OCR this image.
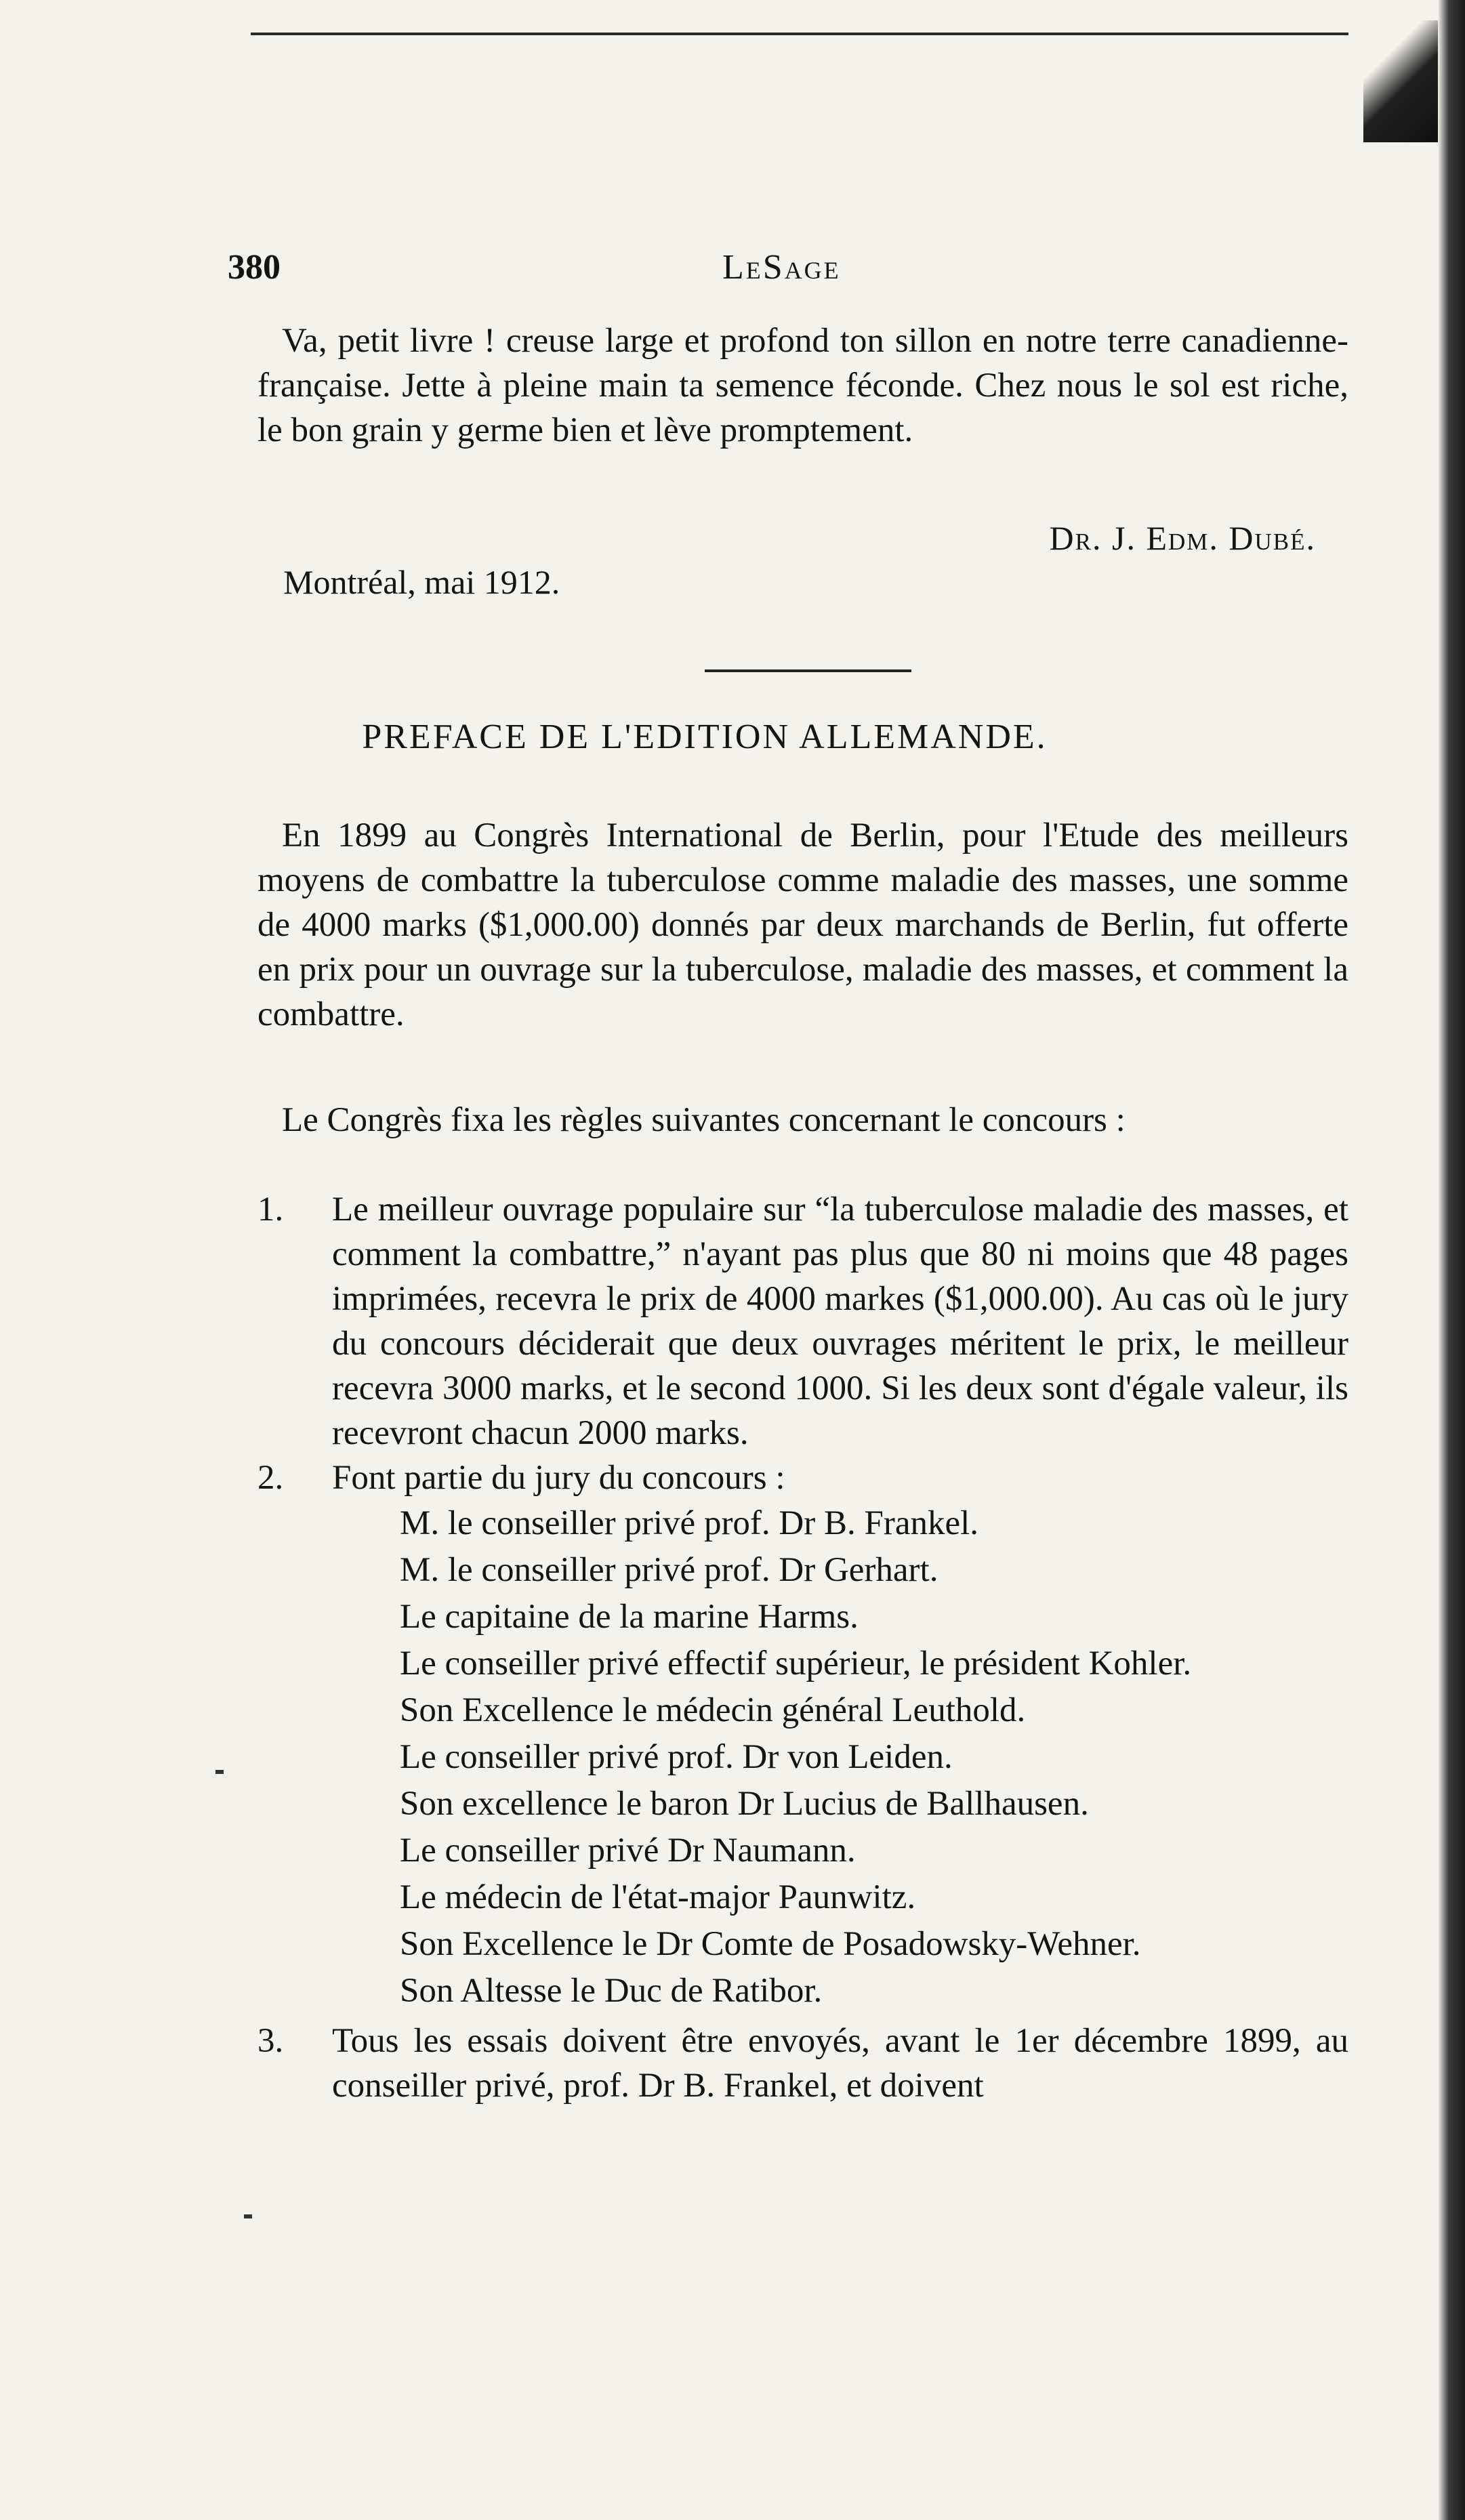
380	LeSage

Va, petit livre ! creuse large et profond ton sillon en notre terre canadienne-française. Jette à pleine main ta semence féconde. Chez nous le sol est riche, le bon grain y germe bien et lève promptement.

Dr. J. Edm. Dubé.
Montréal, mai 1912.
PREFACE DE L'EDITION ALLEMANDE.

En 1899 au Congrès International de Berlin, pour l'Etude des meilleurs moyens de combattre la tuberculose comme maladie des masses, une somme de 4000 marks ($1,000.00) donnés par deux marchands de Berlin, fut offerte en prix pour un ouvrage sur la tuberculose, maladie des masses, et comment la combattre.

Le Congrès fixa les règles suivantes concernant le concours :

1. Le meilleur ouvrage populaire sur “la tuberculose maladie des masses, et comment la combattre,” n'ayant pas plus que 80 ni moins que 48 pages imprimées, recevra le prix de 4000 markes ($1,000.00). Au cas où le jury du concours déciderait que deux ouvrages méritent le prix, le meilleur recevra 3000 marks, et le second 1000. Si les deux sont d'égale valeur, ils recevront chacun 2000 marks.
2. Font partie du jury du concours :
M. le conseiller privé prof. Dr B. Frankel.
M. le conseiller privé prof. Dr Gerhart.
Le capitaine de la marine Harms.
Le conseiller privé effectif supérieur, le président Kohler.
Son Excellence le médecin général Leuthold.
Le conseiller privé prof. Dr von Leiden.
Son excellence le baron Dr Lucius de Ballhausen.
Le conseiller privé Dr Naumann.
Le médecin de l'état-major Paunwitz.
Son Excellence le Dr Comte de Posadowsky-Wehner.
Son Altesse le Duc de Ratibor.
3. Tous les essais doivent être envoyés, avant le 1er décembre 1899, au conseiller privé, prof. Dr B. Frankel, et doivent
